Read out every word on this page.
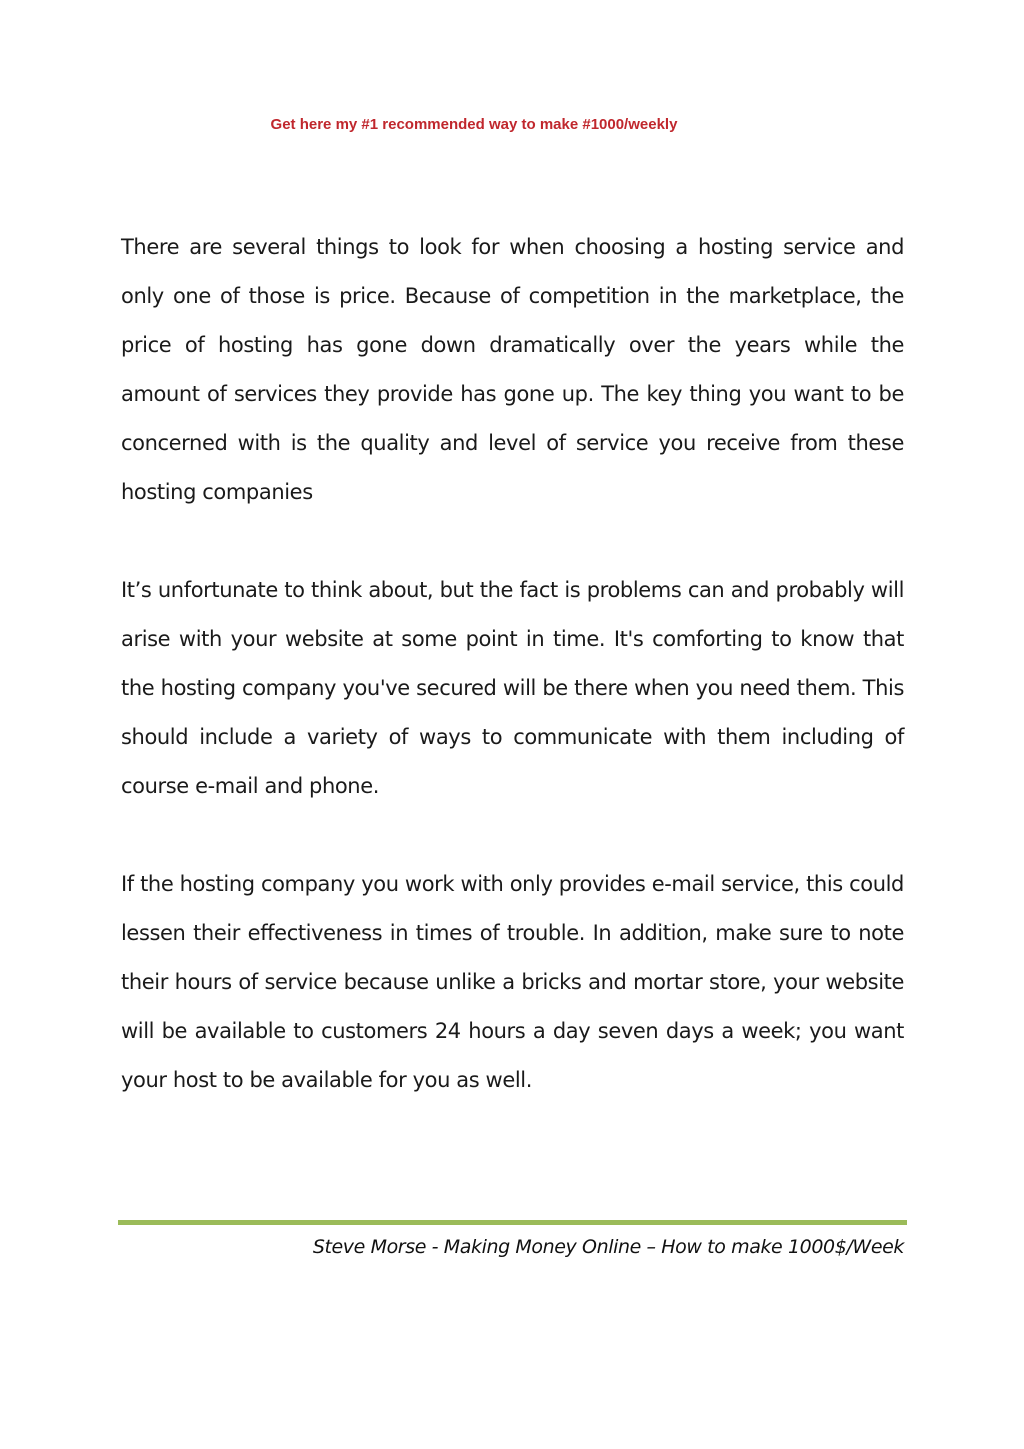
Get here my #1 recommended way to make #1000/weekly

There are several things to look for when choosing a hosting service and only one of those is price. Because of competition in the marketplace, the price of hosting has gone down dramatically over the years while the amount of services they provide has gone up. The key thing you want to be concerned with is the quality and level of service you receive from these hosting companies

It’s unfortunate to think about, but the fact is problems can and probably will arise with your website at some point in time. It's comforting to know that the hosting company you've secured will be there when you need them. This should include a variety of ways to communicate with them including of course e-mail and phone.

If the hosting company you work with only provides e-mail service, this could lessen their effectiveness in times of trouble. In addition, make sure to note their hours of service because unlike a bricks and mortar store, your website will be available to customers 24 hours a day seven days a week; you want your host to be available for you as well.

Steve Morse - Making Money Online – How to make 1000$/Week
